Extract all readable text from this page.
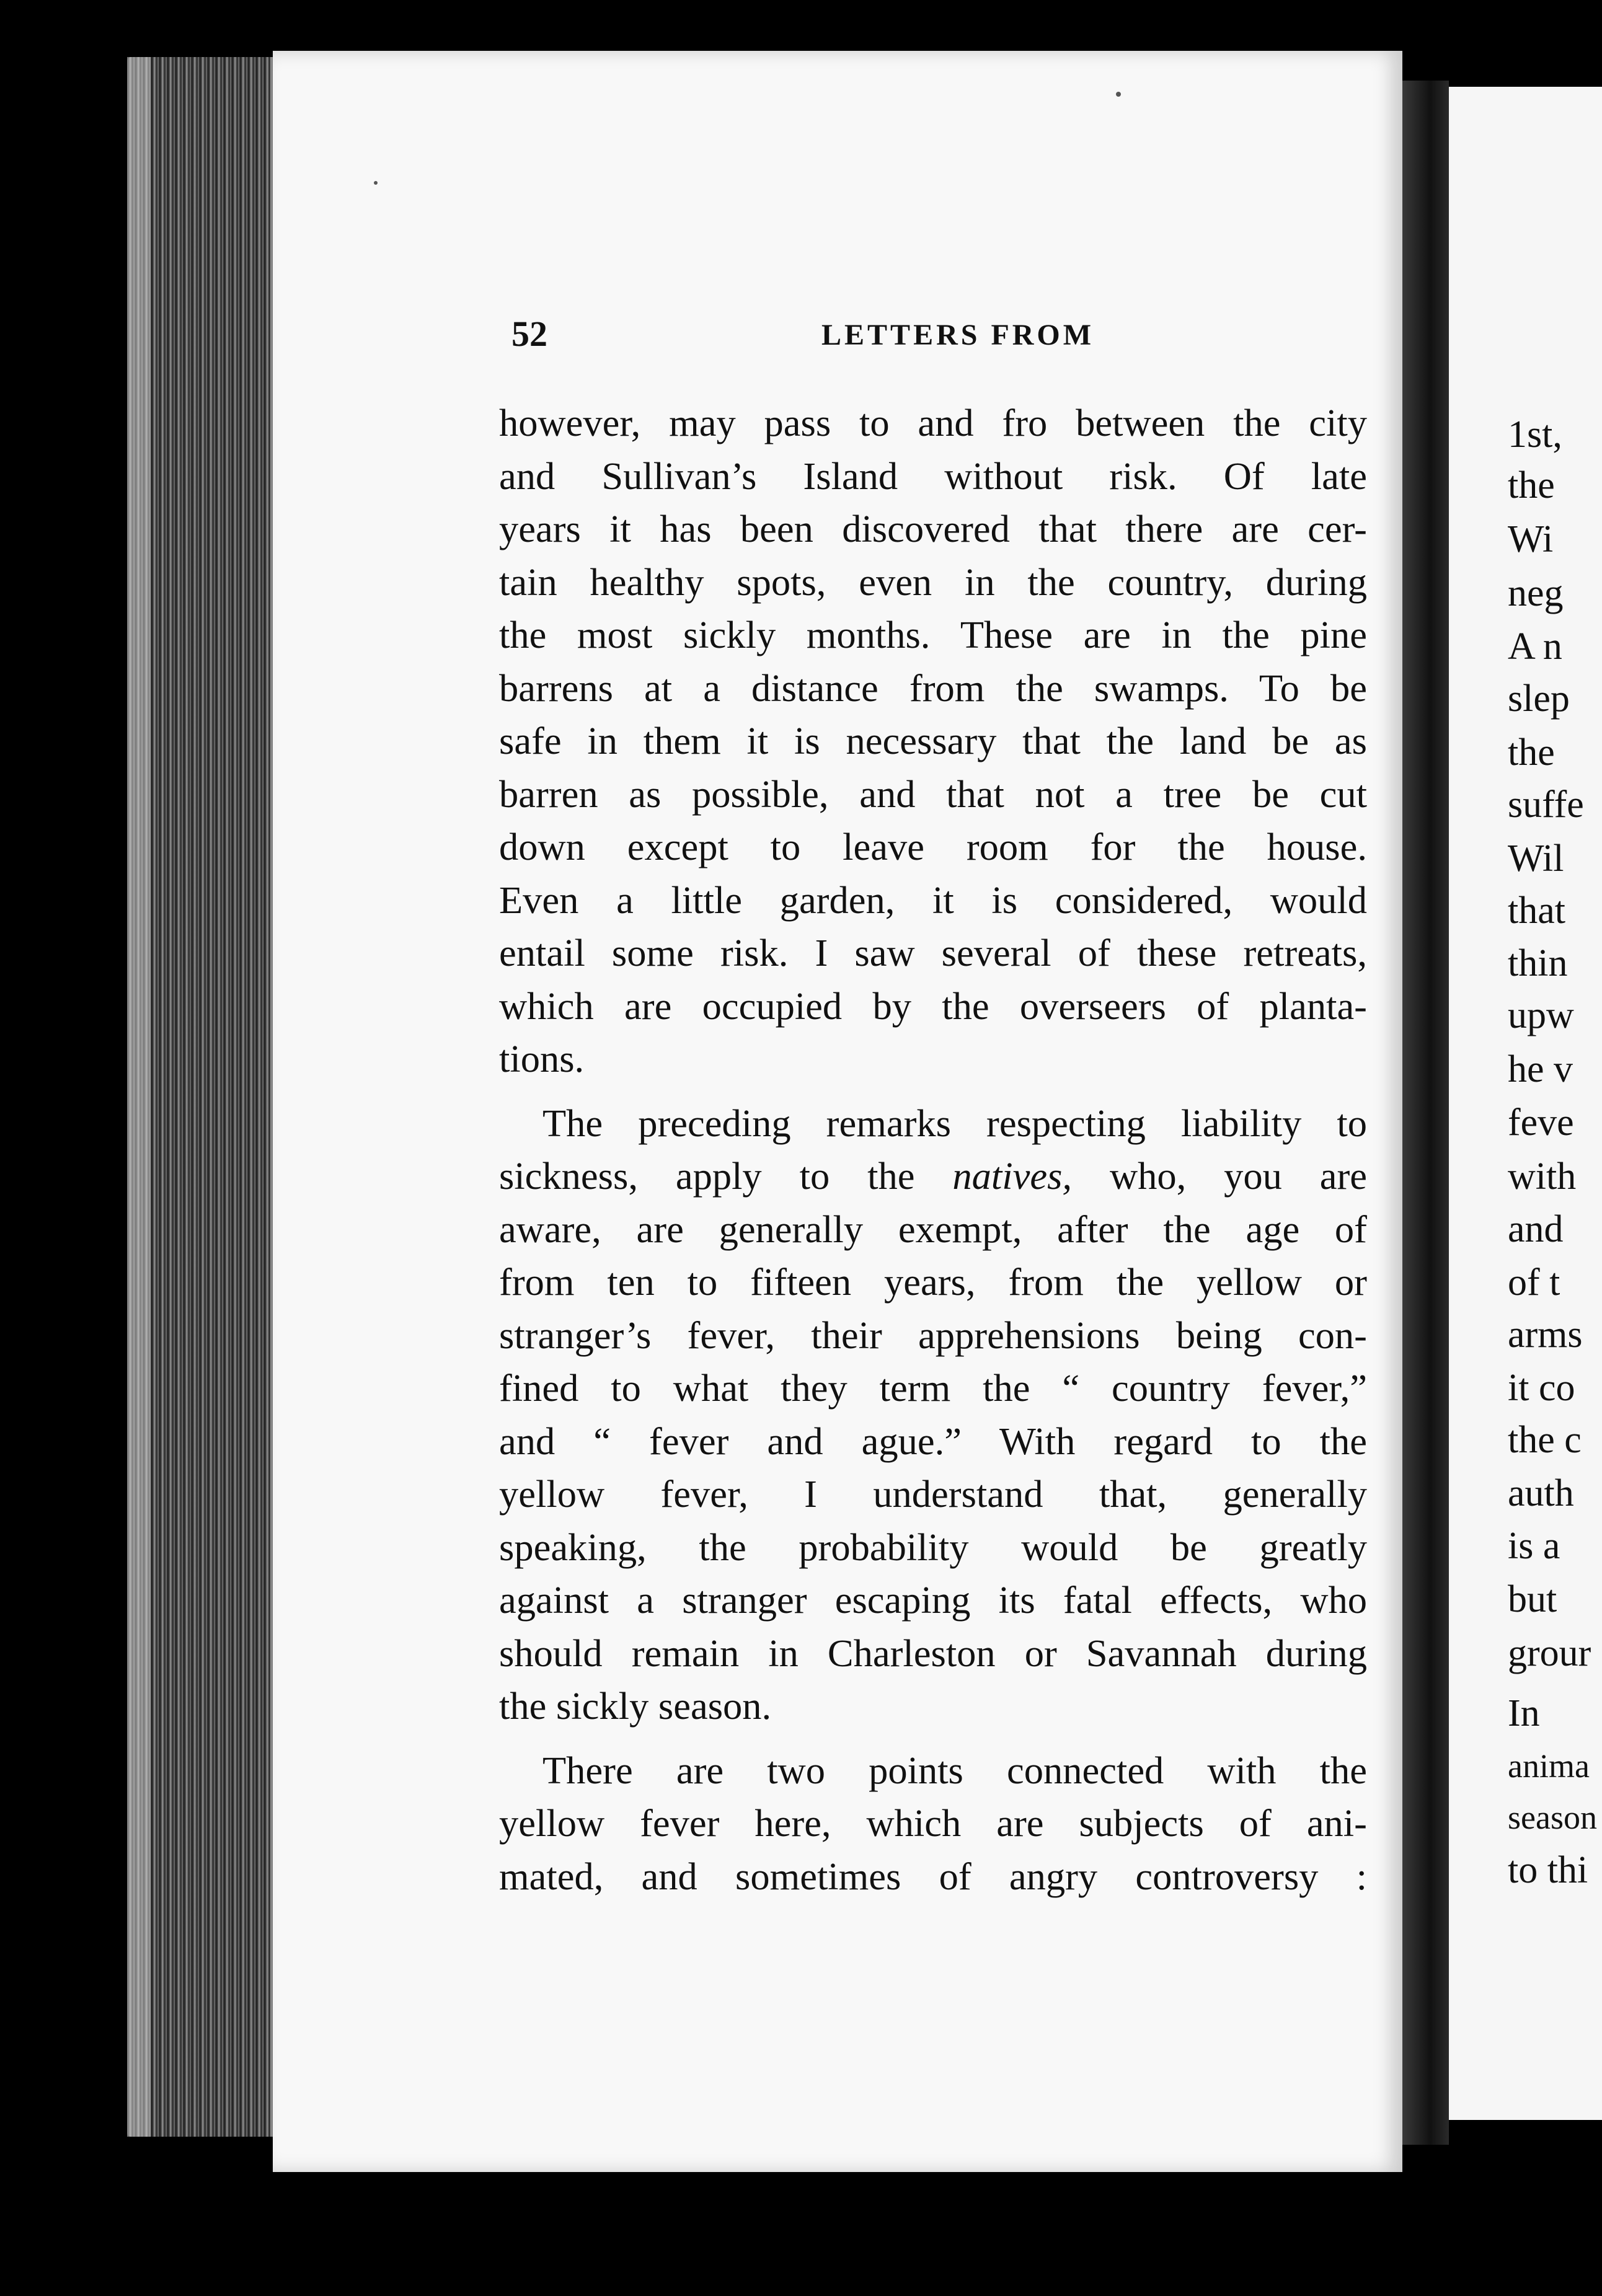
1st,
the
Wi
neg
A n
slep
the
suffe
Wil
that
thin
upw
he v
feve
with
and
of t
arms
it co
the c
auth
is a
but
grour
In
anima
season
to thi
52	LETTERS FROM
however, may pass to and fro between the city
and Sullivan’s Island without risk. Of late
years it has been discovered that there are cer-
tain healthy spots, even in the country, during
the most sickly months. These are in the pine
barrens at a distance from the swamps. To be
safe in them it is necessary that the land be as
barren as possible, and that not a tree be cut
down except to leave room for the house.
Even a little garden, it is considered, would
entail some risk. I saw several of these retreats,
which are occupied by the overseers of planta-
tions.
The preceding remarks respecting liability to
sickness, apply to the natives, who, you are
aware, are generally exempt, after the age of
from ten to fifteen years, from the yellow or
stranger’s fever, their apprehensions being con-
fined to what they term the “ country fever,”
and “ fever and ague.” With regard to the
yellow fever, I understand that, generally
speaking, the probability would be greatly
against a stranger escaping its fatal effects, who
should remain in Charleston or Savannah during
the sickly season.
There are two points connected with the
yellow fever here, which are subjects of ani-
mated, and sometimes of angry controversy :
